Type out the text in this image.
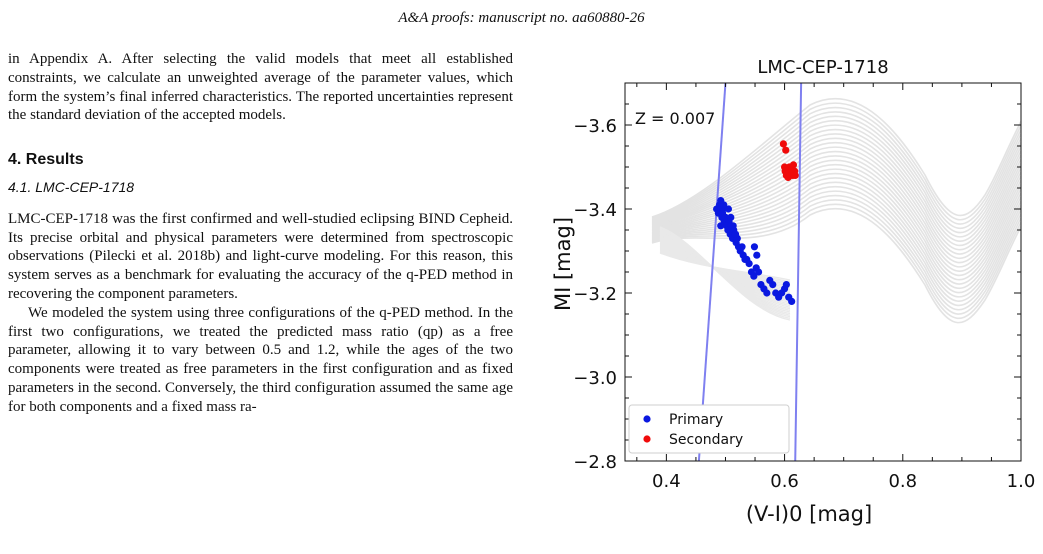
A&A proofs: manuscript no. aa60880-26

in Appendix A. After selecting the valid models that meet all established constraints, we calculate an unweighted average of the parameter values, which form the system’s final inferred characteristics. The reported uncertainties represent the standard deviation of the accepted models.

4. Results
4.1. LMC-CEP-1718

LMC-CEP-1718 was the first confirmed and well-studied eclipsing BIND Cepheid. Its precise orbital and physical parameters were determined from spectroscopic observations (Pilecki et al. 2018b) and light-curve modeling. For this reason, this system serves as a benchmark for evaluating the accuracy of the q-PED method in recovering the component parameters.

We modeled the system using three configurations of the q-PED method. In the first two configurations, we treated the predicted mass ratio (qp) as a free parameter, allowing it to vary between 0.5 and 1.2, while the ages of the two components were treated as free parameters in the first configuration and as fixed parameters in the second. Conversely, the third configuration assumed the same age for both components and a fixed mass ra-

0.4	0.6	0.8	1.0
−2.8
−3.0
−3.2
−3.4
−3.6
LMC-CEP-1718
Z = 0.007
(V-I)0 [mag]
MI [mag]
Primary
Secondary
